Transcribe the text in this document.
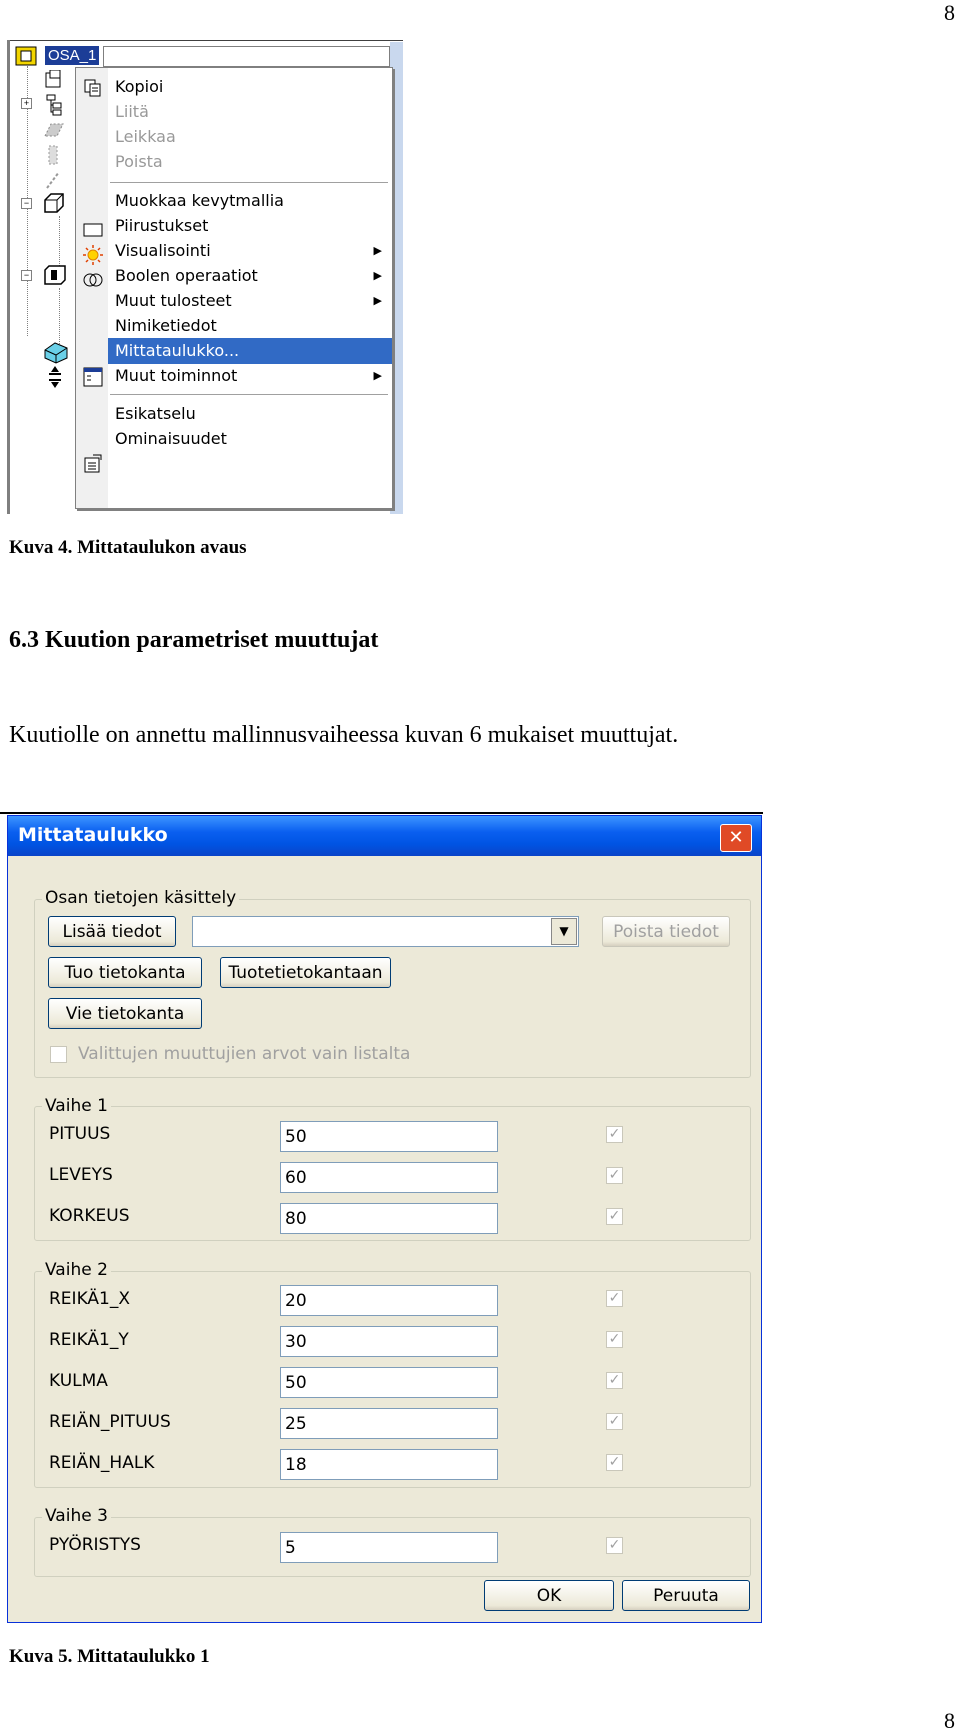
8
OSA_1
+
−
−
Kopioi
Liitä
Leikkaa
Poista
Muokkaa kevytmallia
Piirustukset
Visualisointi	▶
Boolen operaatiot	▶
Muut tulosteet	▶
Nimiketiedot
Mittataulukko...
Muut toiminnot	▶
Esikatselu
Ominaisuudet
Kuva 4. Mittataulukon avaus
6.3 Kuution parametriset muuttujat
Kuutiolle on annettu mallinnusvaiheessa kuvan 6 mukaiset muuttujat.
Mittataulukko	✕
Osan tietojen käsittely
Lisää tiedot	▼	Poista tiedot
Tuo tietokanta	Tuotetietokantaan
Vie tietokanta
Valittujen muuttujien arvot vain listalta
Vaihe 1
PITUUS	50	✓
LEVEYS	60	✓
KORKEUS	80	✓
Vaihe 2
REIKÄ1_X	20	✓
REIKÄ1_Y	30	✓
KULMA	50	✓
REIÄN_PITUUS	25	✓
REIÄN_HALK	18	✓
Vaihe 3
PYÖRISTYS	5	✓
OK	Peruuta
Kuva 5. Mittataulukko 1
8
